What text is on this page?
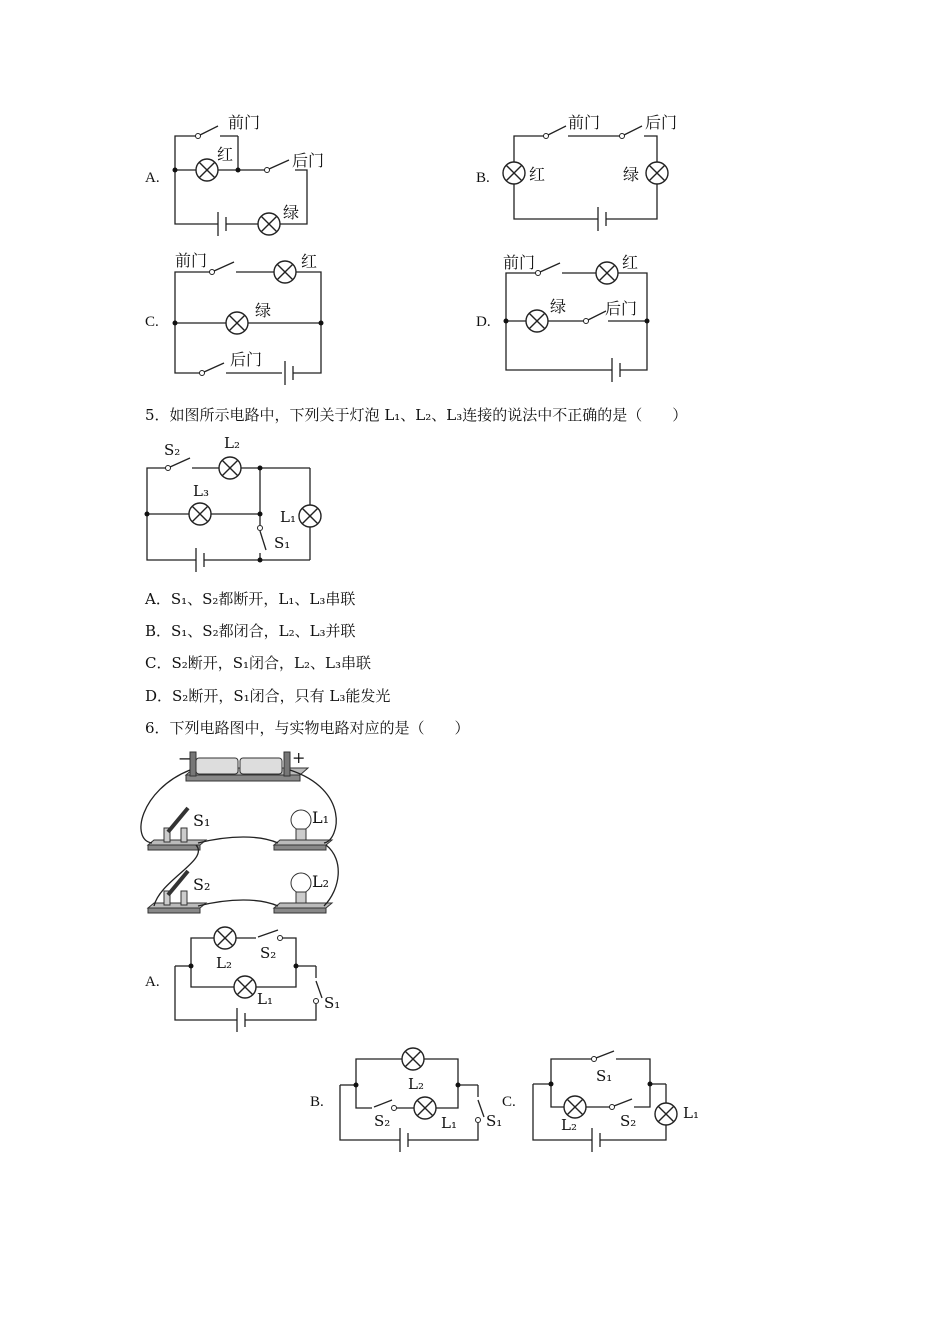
A.
前门
红	后门
绿
B.
前门	后门
红	绿
C.
前门	红
绿
后门
D.
前门	红
绿 后门
5．如图所示电路中，下列关于灯泡 L₁、L₂、L₃连接的说法中不正确的是（　　）
S₂	L₂
L₃
L₁
S₁
A．S₁、S₂都断开，L₁、L₃串联
B．S₁、S₂都闭合，L₂、L₃并联
C．S₂断开，S₁闭合，L₂、L₃串联
D．S₂断开，S₁闭合，只有 L₃能发光
6．下列电路图中，与实物电路对应的是（　　）
−	+
S₁	L₁
S₂	L₂
A.
L₂
S₂
L₁	S₁
B.
L₂
S₂	L₁ S₁
C.
S₁
L₂	S₂	L₁
